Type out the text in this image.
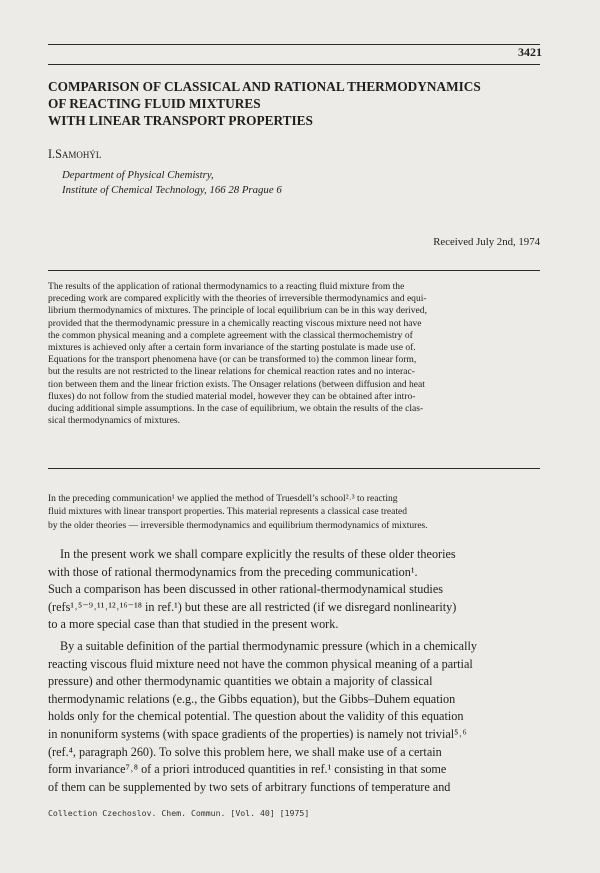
3421
COMPARISON OF CLASSICAL AND RATIONAL THERMODYNAMICS
OF REACTING FLUID MIXTURES
WITH LINEAR TRANSPORT PROPERTIES
I.Samohýl
Department of Physical Chemistry,
Institute of Chemical Technology, 166 28 Prague 6
Received July 2nd, 1974
The results of the application of rational thermodynamics to a reacting fluid mixture from the
preceding work are compared explicitly with the theories of irreversible thermodynamics and equi-
librium thermodynamics of mixtures. The principle of local equilibrium can be in this way derived,
provided that the thermodynamic pressure in a chemically reacting viscous mixture need not have
the common physical meaning and a complete agreement with the classical thermochemistry of
mixtures is achieved only after a certain form invariance of the starting postulate is made use of.
Equations for the transport phenomena have (or can be transformed to) the common linear form,
but the results are not restricted to the linear relations for chemical reaction rates and no interac-
tion between them and the linear friction exists. The Onsager relations (between diffusion and heat
fluxes) do not follow from the studied material model, however they can be obtained after intro-
ducing additional simple assumptions. In the case of equilibrium, we obtain the results of the clas-
sical thermodynamics of mixtures.
In the preceding communication¹ we applied the method of Truesdell’s school²˒³ to reacting
fluid mixtures with linear transport properties. This material represents a classical case treated
by the older theories — irreversible thermodynamics and equilibrium thermodynamics of mixtures.
In the present work we shall compare explicitly the results of these older theories
with those of rational thermodynamics from the preceding communication¹.
Such a comparison has been discussed in other rational-thermodynamical studies
(refs¹˒⁵⁻⁹˒¹¹˒¹²˒¹⁶⁻¹⁸ in ref.¹) but these are all restricted (if we disregard nonlinearity)
to a more special case than that studied in the present work.
By a suitable definition of the partial thermodynamic pressure (which in a chemically
reacting viscous fluid mixture need not have the common physical meaning of a partial
pressure) and other thermodynamic quantities we obtain a majority of classical
thermodynamic relations (e.g., the Gibbs equation), but the Gibbs–Duhem equation
holds only for the chemical potential. The question about the validity of this equation
in nonuniform systems (with space gradients of the properties) is namely not trivial⁵˒⁶
(ref.⁴, paragraph 260). To solve this problem here, we shall make use of a certain
form invariance⁷˒⁸ of a priori introduced quantities in ref.¹ consisting in that some
of them can be supplemented by two sets of arbitrary functions of temperature and
Collection Czechoslov. Chem. Commun. [Vol. 40] [1975]
